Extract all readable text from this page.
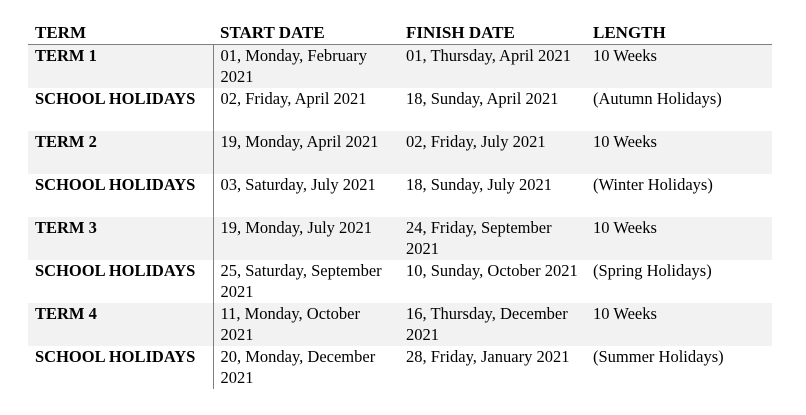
TERM	START DATE	FINISH DATE	LENGTH
TERM 1	01, Monday, February 2021	01, Thursday, April 2021	10 Weeks
SCHOOL HOLIDAYS	02, Friday, April 2021	18, Sunday, April 2021	(Autumn Holidays)
TERM 2	19, Monday, April 2021	02, Friday, July 2021	10 Weeks
SCHOOL HOLIDAYS	03, Saturday, July 2021	18, Sunday, July 2021	(Winter Holidays)
TERM 3	19, Monday, July 2021	24, Friday, September 2021	10 Weeks
SCHOOL HOLIDAYS	25, Saturday, September 2021	10, Sunday, October 2021	(Spring Holidays)
TERM 4	11, Monday, October 2021	16, Thursday, December 2021	10 Weeks
SCHOOL HOLIDAYS	20, Monday, December 2021	28, Friday, January 2021	(Summer Holidays)
